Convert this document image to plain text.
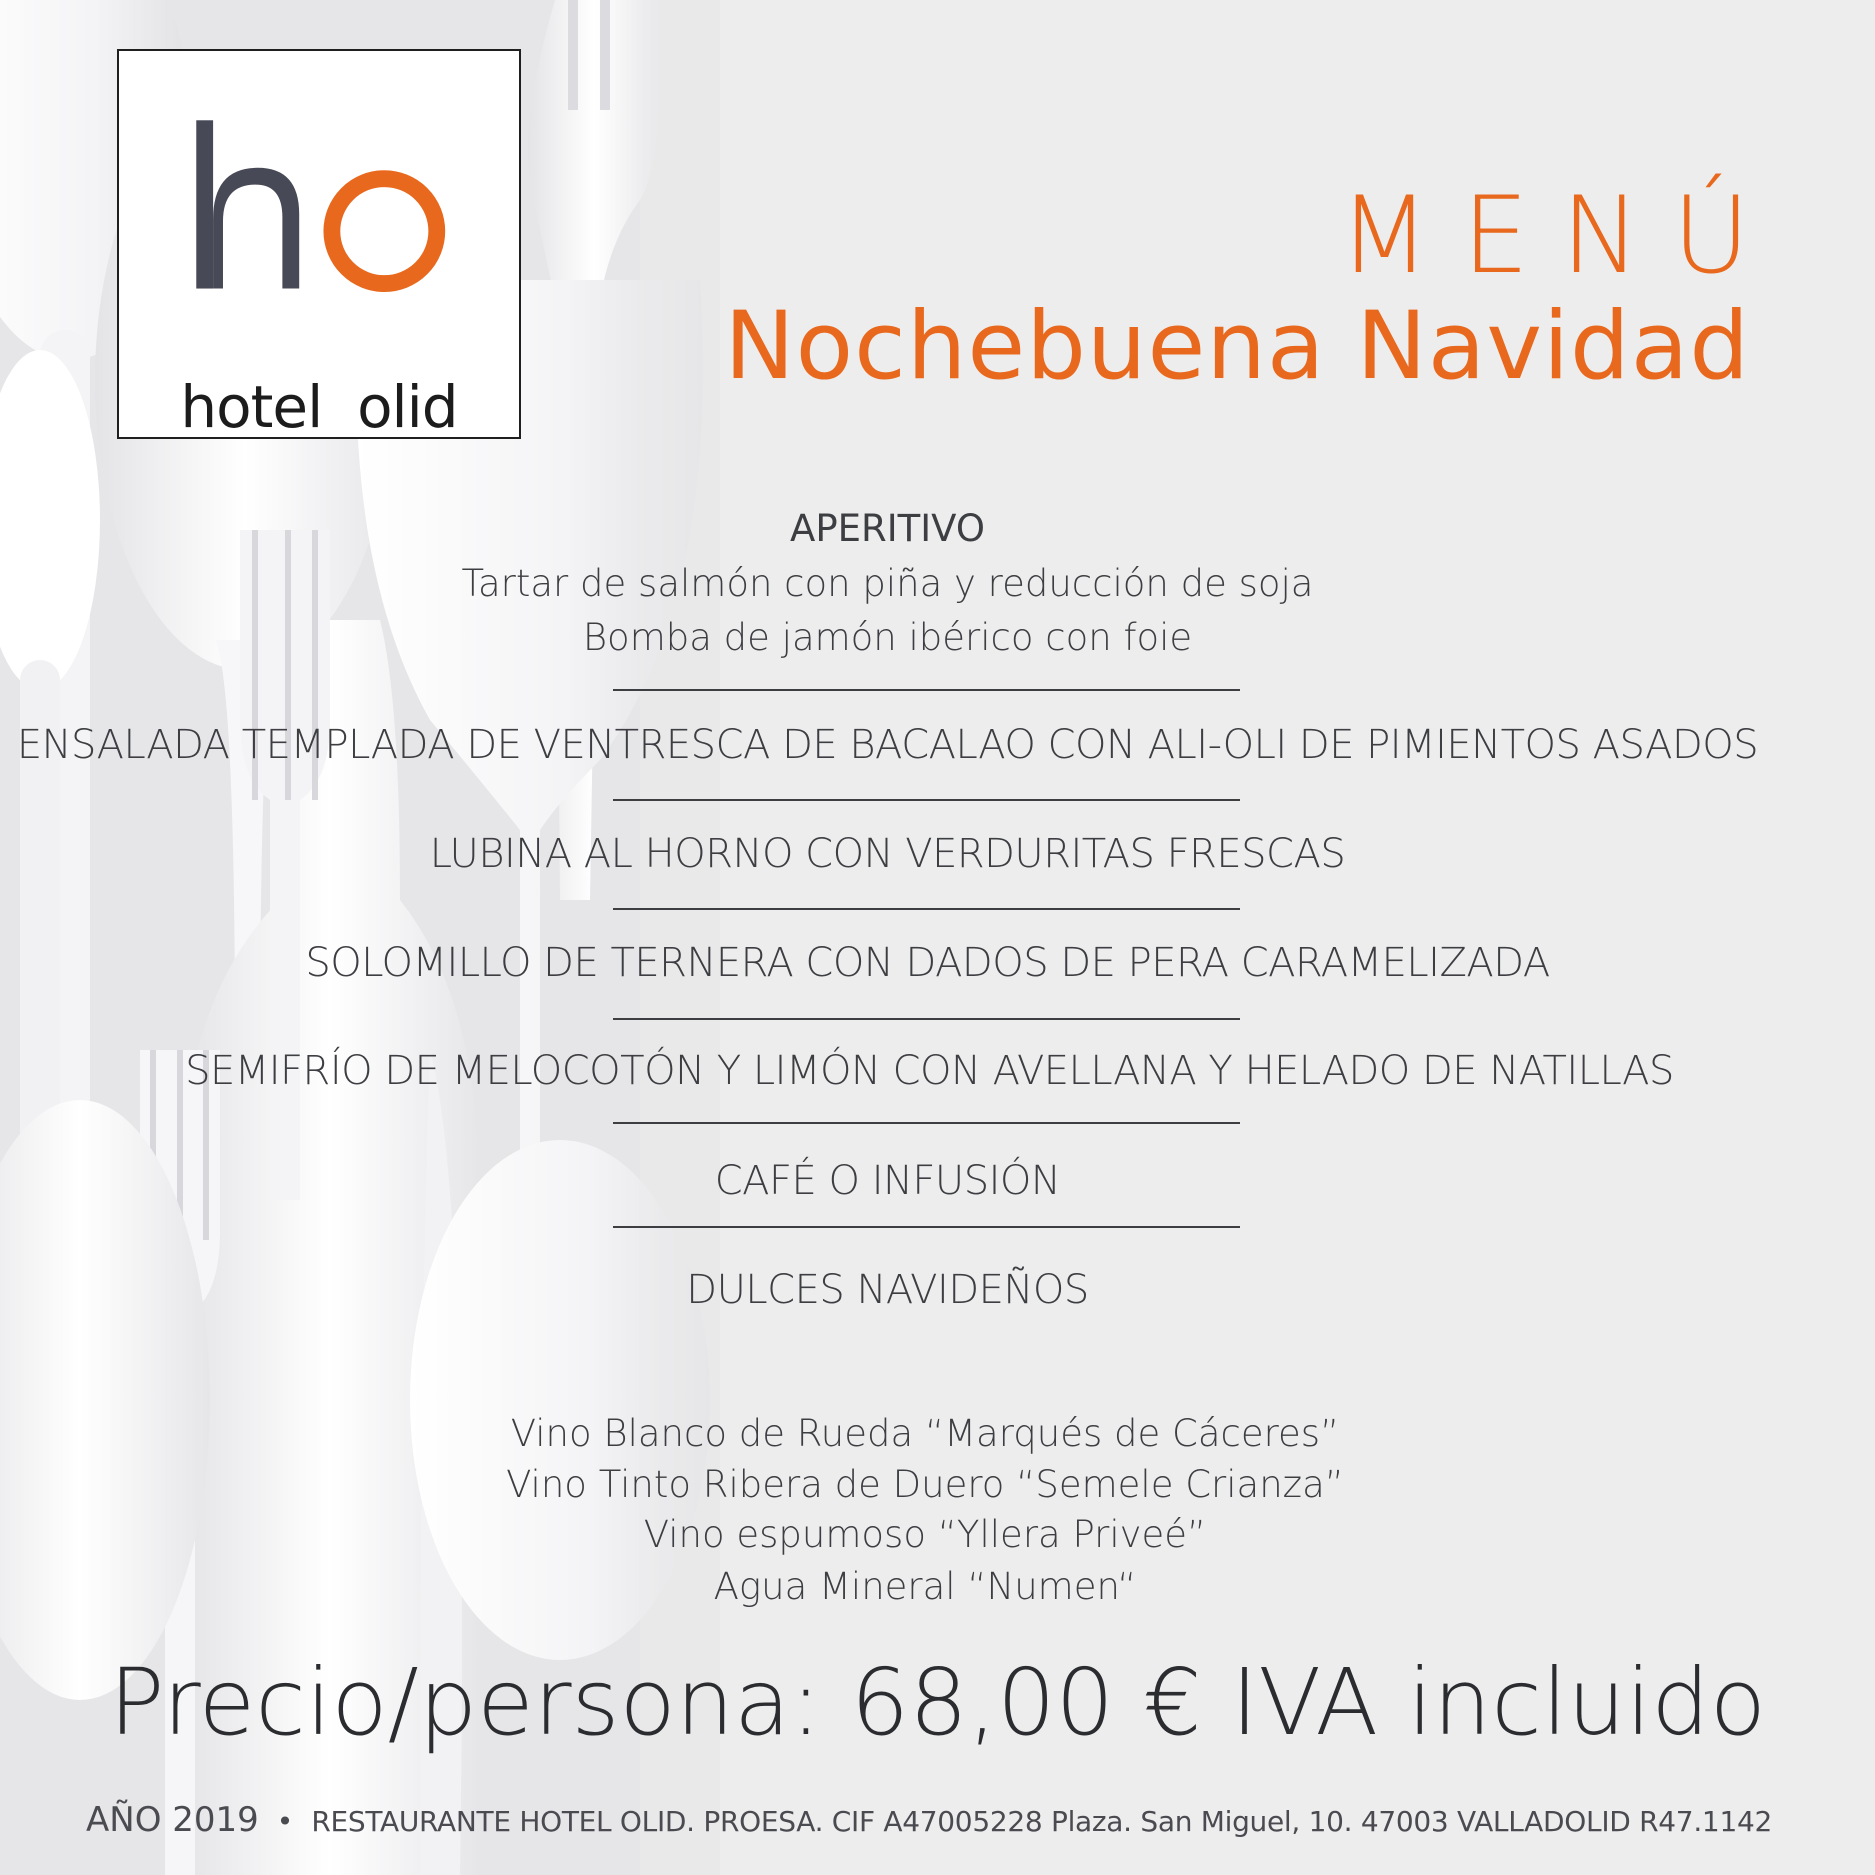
hotel  olid
MENÚ
Nochebuena Navidad
APERITIVO
Tartar de salmón con piña y reducción de soja
Bomba de jamón ibérico con foie
ENSALADA TEMPLADA DE VENTRESCA DE BACALAO CON ALI-OLI DE PIMIENTOS ASADOS
LUBINA AL HORNO CON VERDURITAS FRESCAS
SOLOMILLO DE TERNERA CON DADOS DE PERA CARAMELIZADA
SEMIFRÍO DE MELOCOTÓN Y LIMÓN CON AVELLANA Y HELADO DE NATILLAS
CAFÉ O INFUSIÓN
DULCES NAVIDEÑOS
Vino Blanco de Rueda “Marqués de Cáceres”
Vino Tinto Ribera de Duero “Semele Crianza”
Vino espumoso “Yllera Priveé”
Agua Mineral “Numen“
Precio/persona: 68,00 € IVA incluido
AÑO 2019 • RESTAURANTE HOTEL OLID. PROESA. CIF A47005228 Plaza. San Miguel, 10. 47003 VALLADOLID R47.1142
